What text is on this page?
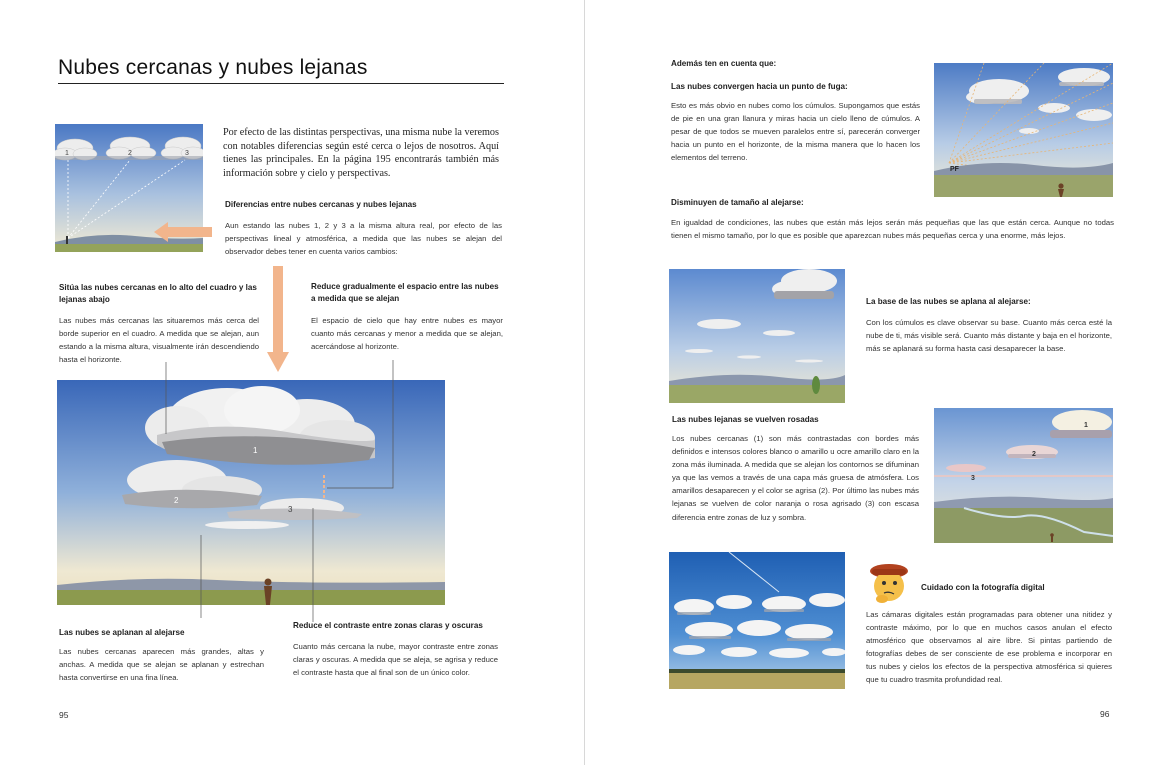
Nubes cercanas y nubes lejanas
1	2	3
Por efecto de las distintas perspectivas, una misma nube la veremos con notables diferencias según esté cerca o lejos de nosotros. Aquí tienes las principales. En la página 195 encontrarás también más información sobre y cielo y perspectivas.
Diferencias entre nubes cercanas y nubes lejanas
Aun estando las nubes 1, 2 y 3 a la misma altura real, por efecto de las perspectivas lineal y atmosférica, a medida que las nubes se alejan del observador debes tener en cuenta varios cambios:
Sitúa las nubes cercanas en lo alto del cuadro y las lejanas abajo
Las nubes más cercanas las situaremos más cerca del borde superior en el cuadro. A medida que se alejan, aun estando a la misma altura, visualmente irán descendiendo hasta el horizonte.
Reduce gradualmente el espacio entre las nubes a medida que se alejan
El espacio de cielo que hay entre nubes es mayor cuanto más cercanas y menor a medida que se alejan, acercándose al horizonte.
1
2
3
Las nubes se aplanan al alejarse
Las nubes cercanas aparecen más grandes, altas y anchas. A medida que se alejan se aplanan y estrechan hasta convertirse en una fina línea.
Reduce el contraste entre zonas claras y oscuras
Cuanto más cercana la nube, mayor contraste entre zonas claras y oscuras. A medida que se aleja, se agrisa y reduce el contraste hasta que al final son de un único color.
95
Además ten en cuenta que:
Las nubes convergen hacia un punto de fuga:
Esto es más obvio en nubes como los cúmulos. Supongamos que estás de pie en una gran llanura y miras hacia un cielo lleno de cúmulos. A pesar de que todos se mueven paralelos entre sí, parecerán converger hacia un punto en el horizonte, de la misma manera que lo hacen los elementos del terreno.
PF
Disminuyen de tamaño al alejarse:
En igualdad de condiciones, las nubes que están más lejos serán más pequeñas que las que están cerca. Aunque no todas tienen el mismo tamaño, por lo que es posible que aparezcan nubes más pequeñas cerca y una enorme, más lejos.
La base de las nubes se aplana al alejarse:
Con los cúmulos es clave observar su base. Cuanto más cerca esté la nube de ti, más visible será. Cuanto más distante y baja en el horizonte, más se aplanará su forma hasta casi desaparecer la base.
Las nubes lejanas se vuelven rosadas
Los nubes cercanas (1) son más contrastadas con bordes más definidos e intensos colores blanco o amarillo u ocre amarillo claro en la zona más iluminada. A medida que se alejan los contornos se difuminan ya que las vemos a través de una capa más gruesa de atmósfera. Los amarillos desaparecen y el color se agrisa (2). Por último las nubes más lejanas se vuelven de color naranja o rosa agrisado (3) con escasa diferencia entre zonas de luz y sombra.
1
2
3
Cuidado con la fotografía digital
Las cámaras digitales están programadas para obtener una nitidez y contraste máximo, por lo que en muchos casos anulan el efecto atmosférico que observamos al aire libre. Si pintas partiendo de fotografías debes de ser consciente de ese problema e incorporar en tus nubes y cielos los efectos de la perspectiva atmosférica si quieres que tu cuadro trasmita profundidad real.
96
